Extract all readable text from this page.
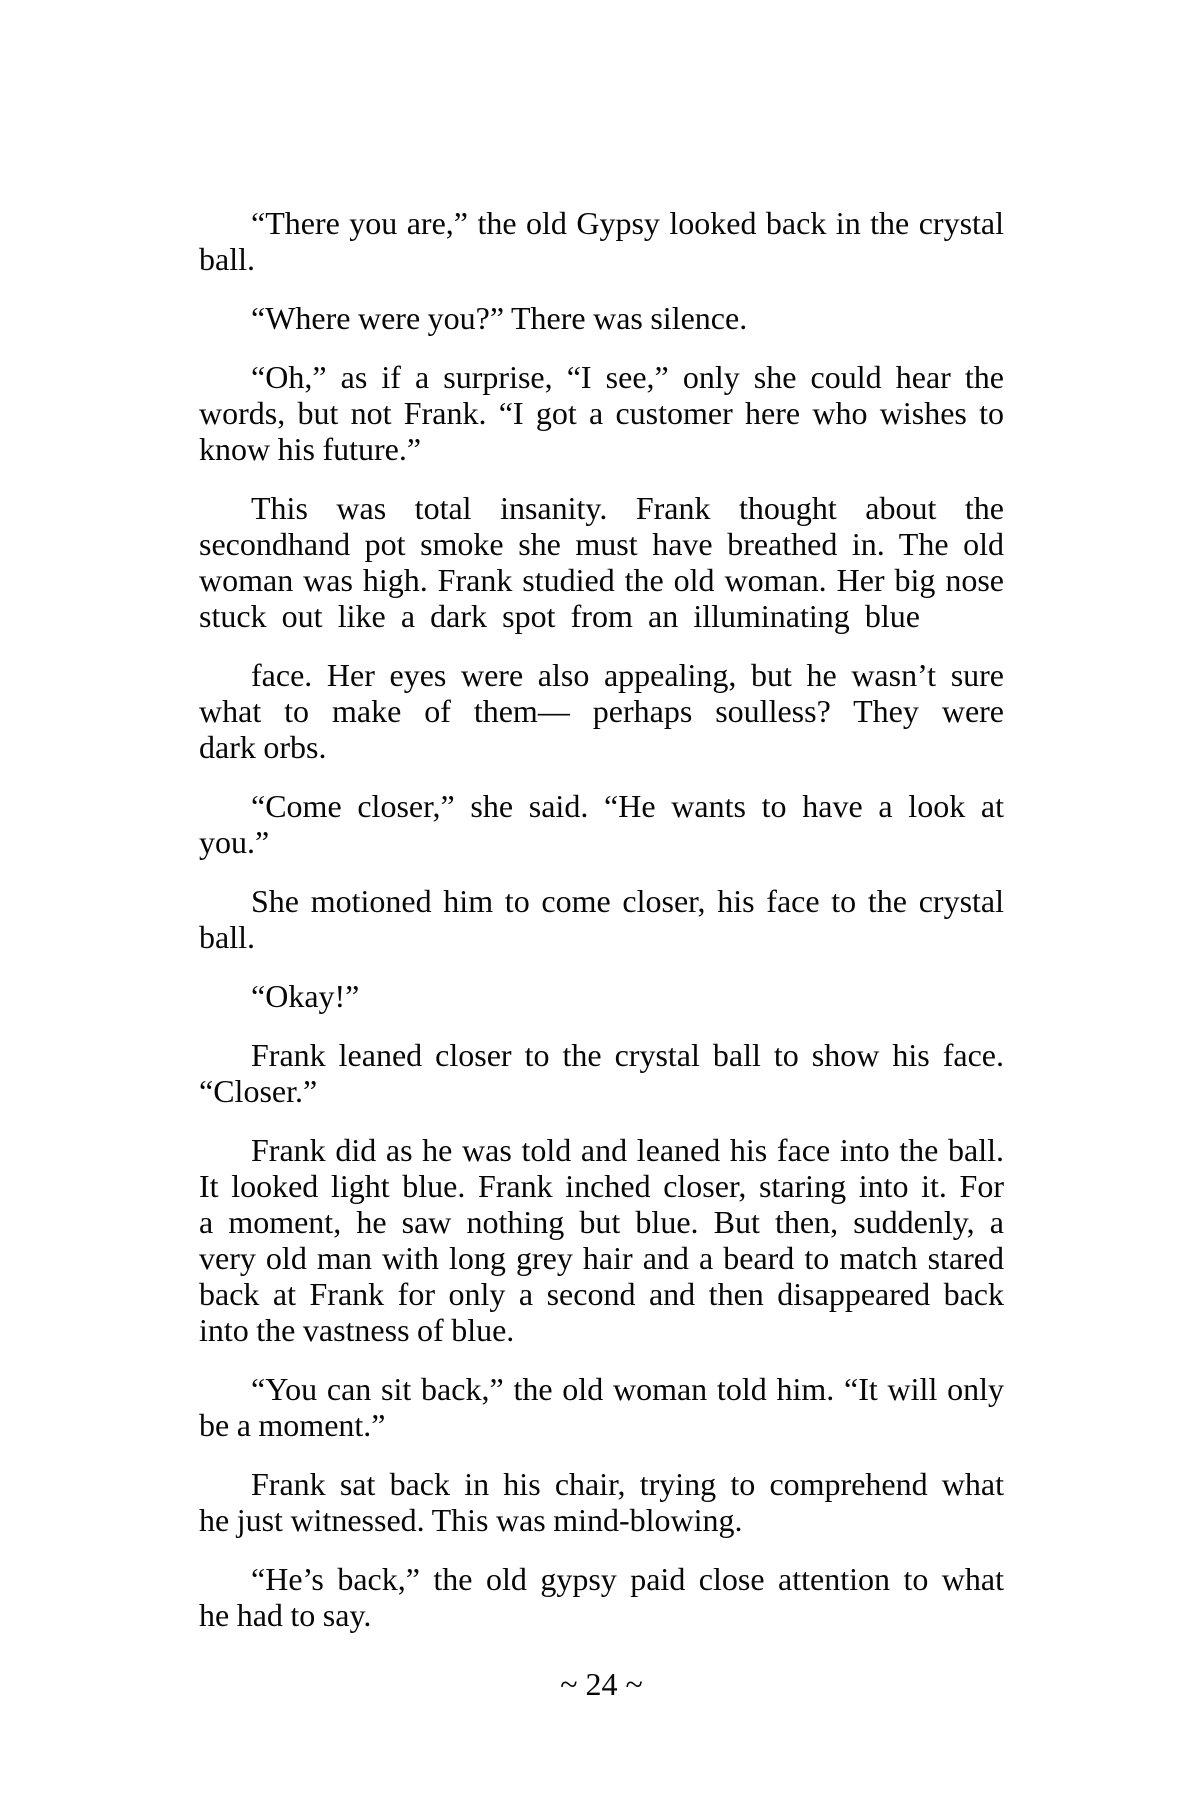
“There you are,” the old Gypsy looked back in the crystal
ball.
“Where were you?” There was silence.
“Oh,” as if a surprise, “I see,” only she could hear the
words, but not Frank. “I got a customer here who wishes to
know his future.”
This was total insanity. Frank thought about the
secondhand pot smoke she must have breathed in. The old
woman was high. Frank studied the old woman. Her big nose
stuck out like a dark spot from an illuminating blue
face. Her eyes were also appealing, but he wasn’t sure
what to make of them— perhaps soulless? They were
dark orbs.
“Come closer,” she said. “He wants to have a look at
you.”
She motioned him to come closer, his face to the crystal
ball.
“Okay!”
Frank leaned closer to the crystal ball to show his face.
“Closer.”
Frank did as he was told and leaned his face into the ball.
It looked light blue. Frank inched closer, staring into it. For
a moment, he saw nothing but blue. But then, suddenly, a
very old man with long grey hair and a beard to match stared
back at Frank for only a second and then disappeared back
into the vastness of blue.
“You can sit back,” the old woman told him. “It will only
be a moment.”
Frank sat back in his chair, trying to comprehend what
he just witnessed. This was mind-blowing.
“He’s back,” the old gypsy paid close attention to what
he had to say.
~ 24 ~
